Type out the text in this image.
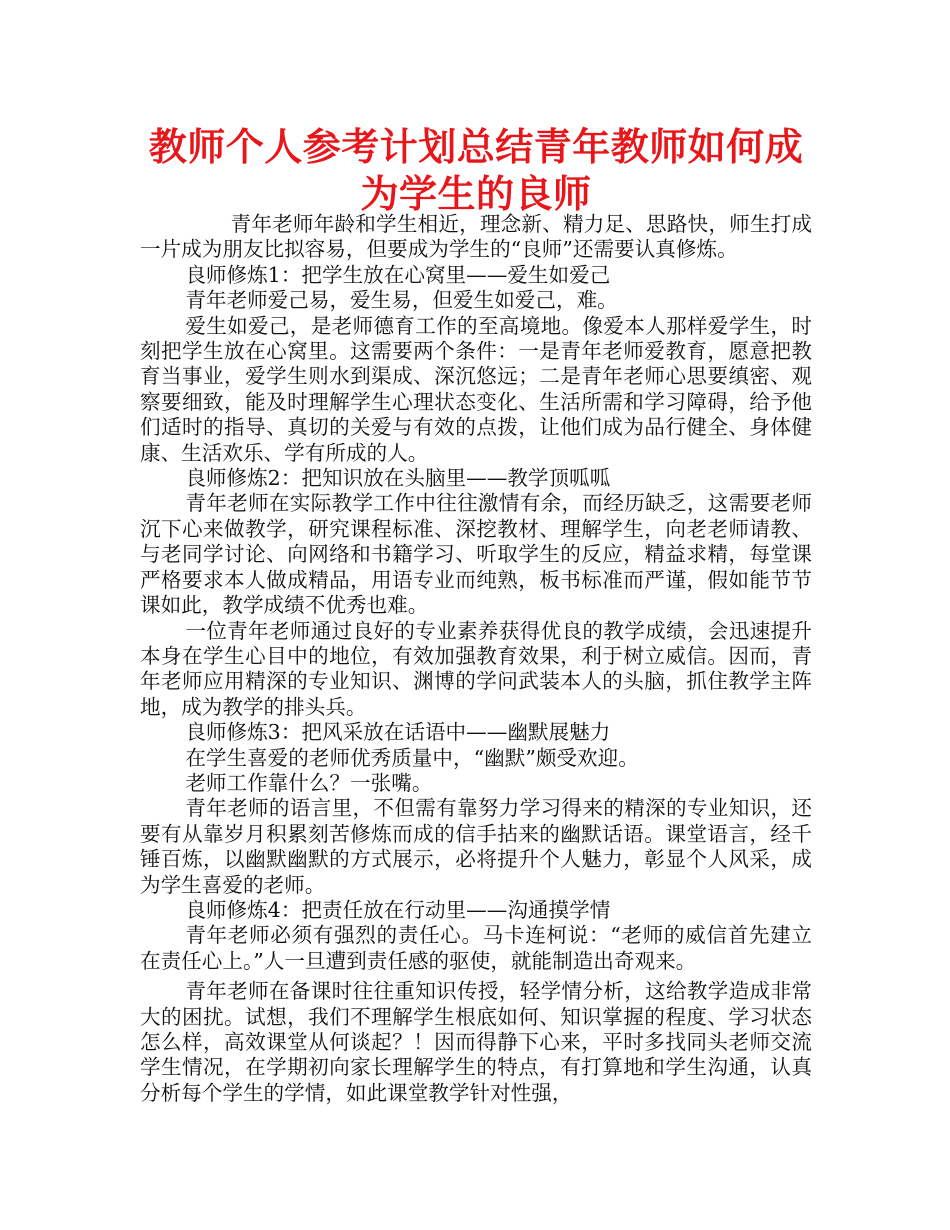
教师个人参考计划总结青年教师如何成为学生的良师

青年老师年龄和学生相近，理念新、精力足、思路快，师生打成一片成为朋友比拟容易，但要成为学生的“良师”还需要认真修炼。

良师修炼1：把学生放在心窝里——爱生如爱己

青年老师爱己易，爱生易，但爱生如爱己，难。

爱生如爱己，是老师德育工作的至高境地。像爱本人那样爱学生，时刻把学生放在心窝里。这需要两个条件：一是青年老师爱教育，愿意把教育当事业，爱学生则水到渠成、深沉悠远；二是青年老师心思要缜密、观察要细致，能及时理解学生心理状态变化、生活所需和学习障碍，给予他们适时的指导、真切的关爱与有效的点拨，让他们成为品行健全、身体健康、生活欢乐、学有所成的人。

良师修炼2：把知识放在头脑里——教学顶呱呱

青年老师在实际教学工作中往往激情有余，而经历缺乏，这需要老师沉下心来做教学，研究课程标准、深挖教材、理解学生，向老老师请教、与老同学讨论、向网络和书籍学习、听取学生的反应，精益求精，每堂课严格要求本人做成精品，用语专业而纯熟，板书标准而严谨，假如能节节课如此，教学成绩不优秀也难。

一位青年老师通过良好的专业素养获得优良的教学成绩，会迅速提升本身在学生心目中的地位，有效加强教育效果，利于树立威信。因而，青年老师应用精深的专业知识、渊博的学问武装本人的头脑，抓住教学主阵地，成为教学的排头兵。

良师修炼3：把风采放在话语中——幽默展魅力

在学生喜爱的老师优秀质量中，“幽默”颇受欢迎。

老师工作靠什么？一张嘴。

青年老师的语言里，不但需有靠努力学习得来的精深的专业知识，还要有从靠岁月积累刻苦修炼而成的信手拈来的幽默话语。课堂语言，经千锤百炼，以幽默幽默的方式展示，必将提升个人魅力，彰显个人风采，成为学生喜爱的老师。

良师修炼4：把责任放在行动里——沟通摸学情

青年老师必须有强烈的责任心。马卡连柯说：“老师的威信首先建立在责任心上。”人一旦遭到责任感的驱使，就能制造出奇观来。

青年老师在备课时往往重知识传授，轻学情分析，这给教学造成非常大的困扰。试想，我们不理解学生根底如何、知识掌握的程度、学习状态怎么样，高效课堂从何谈起？！因而得静下心来，平时多找同头老师交流学生情况，在学期初向家长理解学生的特点，有打算地和学生沟通，认真分析每个学生的学情，如此课堂教学针对性强，
